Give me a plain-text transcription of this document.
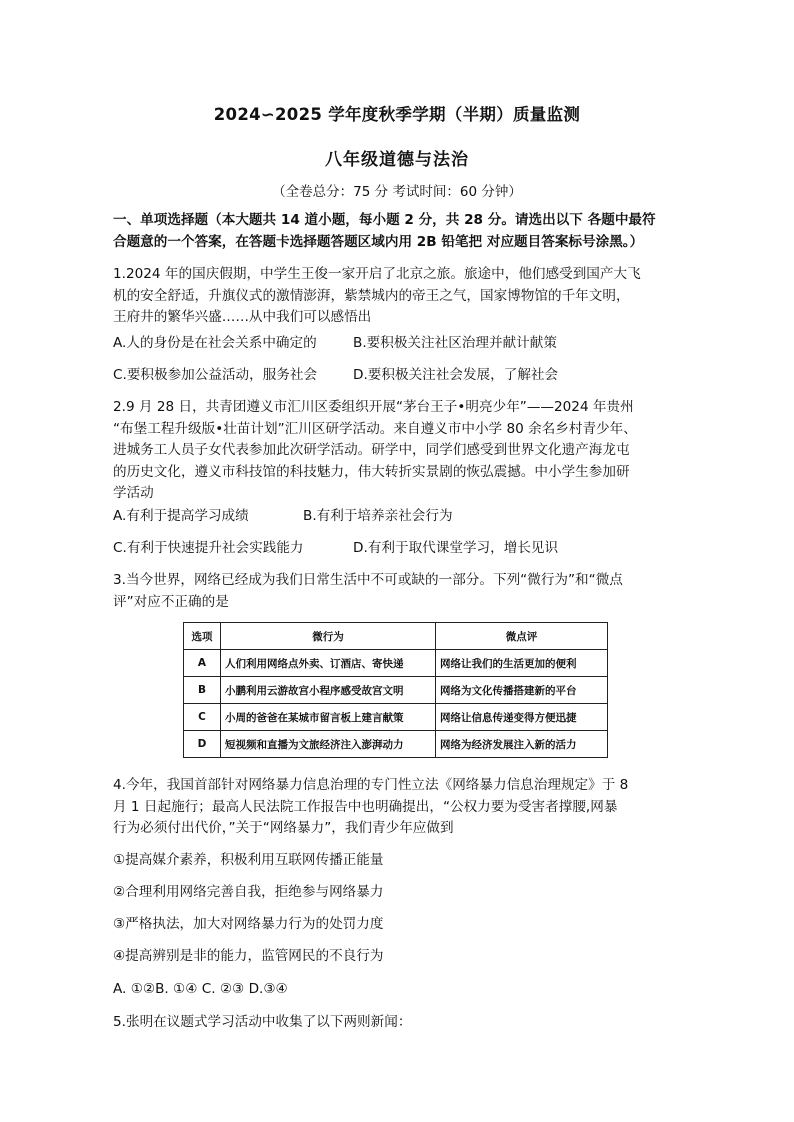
2024∽2025 学年度秋季学期（半期）质量监测
八年级道德与法治
（全卷总分：75 分 考试时间：60 分钟）

一、单项选择题（本大题共 14 道小题，每小题 2 分，共 28 分。请选出以下 各题中最符

合题意的一个答案，在答题卡选择题答题区域内用 2B 铅笔把 对应题目答案标号涂黑。）

1.2024 年的国庆假期，中学生王俊一家开启了北京之旅。旅途中，他们感受到国产大飞

机的安全舒适，升旗仪式的激情澎湃，紫禁城内的帝王之气，国家博物馆的千年文明，

王府井的繁华兴盛……从中我们可以感悟出

A.人的身份是在社会关系中确定的	B.要积极关注社区治理并献计献策
C.要积极参加公益活动，服务社会	D.要积极关注社会发展，了解社会

2.9 月 28 日，共青团遵义市汇川区委组织开展“茅台王子•明亮少年”——2024 年贵州

“布堡工程升级版•壮苗计划”汇川区研学活动。来自遵义市中小学 80 余名乡村青少年、

进城务工人员子女代表参加此次研学活动。研学中，同学们感受到世界文化遗产海龙屯

的历史文化，遵义市科技馆的科技魅力，伟大转折实景剧的恢弘震撼。中小学生参加研

学活动

A.有利于提高学习成绩	B.有利于培养亲社会行为
C.有利于快速提升社会实践能力	D.有利于取代课堂学习，增长见识

3.当今世界，网络已经成为我们日常生活中不可或缺的一部分。下列“微行为”和“微点

评”对应不正确的是

选项	微行为	微点评
A	人们利用网络点外卖、订酒店、寄快递	网络让我们的生活更加的便利
B	小鹏利用云游故宫小程序感受故宫文明	网络为文化传播搭建新的平台
C	小周的爸爸在某城市留言板上建言献策	网络让信息传递变得方便迅捷
D	短视频和直播为文旅经济注入澎湃动力	网络为经济发展注入新的活力

4.今年，我国首部针对网络暴力信息治理的专门性立法《网络暴力信息治理规定》于 8

月 1 日起施行；最高人民法院工作报告中也明确提出，“公权力要为受害者撑腰,网暴

行为必须付出代价，”关于“网络暴力”，我们青少年应做到

①提高媒介素养，积极利用互联网传播正能量
②合理利用网络完善自我，拒绝参与网络暴力
③严格执法，加大对网络暴力行为的处罚力度
④提高辨别是非的能力，监管网民的不良行为
A. ①②B. ①④ C. ②③ D.③④
5.张明在议题式学习活动中收集了以下两则新闻：
